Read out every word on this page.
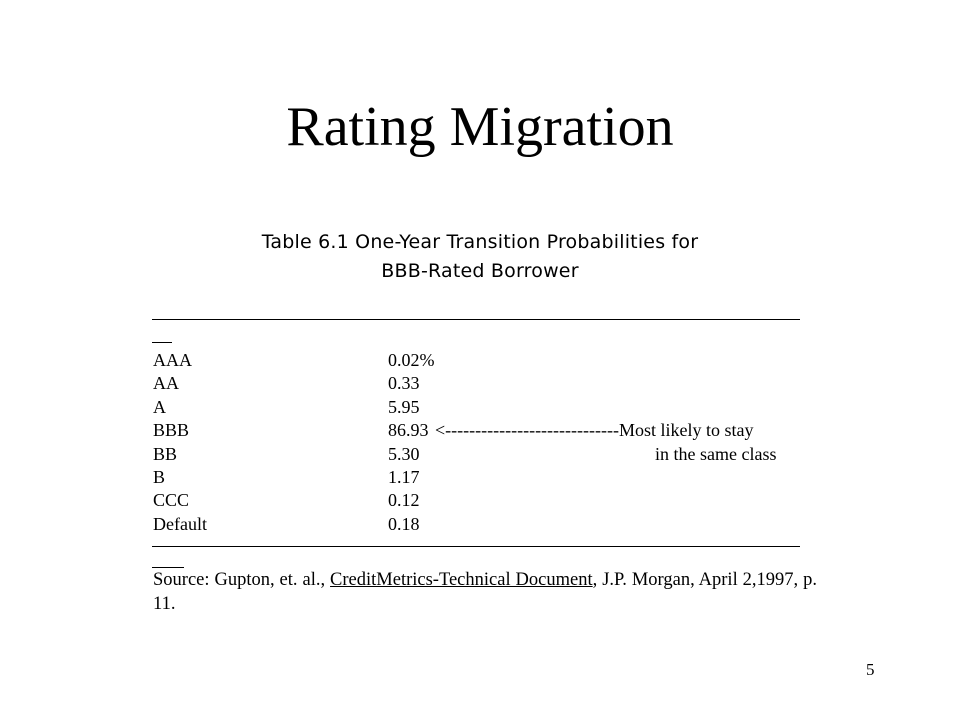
Rating Migration
Table 6.1 One-Year Transition Probabilities for
BBB-Rated Borrower
AAA	0.02%
AA	0.33
A	5.95
BBB	86.93 <-----------------------------Most likely to stay
BB	5.30	in the same class
B	1.17
CCC	0.12
Default	0.18
Source: Gupton, et. al., CreditMetrics-Technical Document, J.P. Morgan, April 2,1997, p. 11.
5
